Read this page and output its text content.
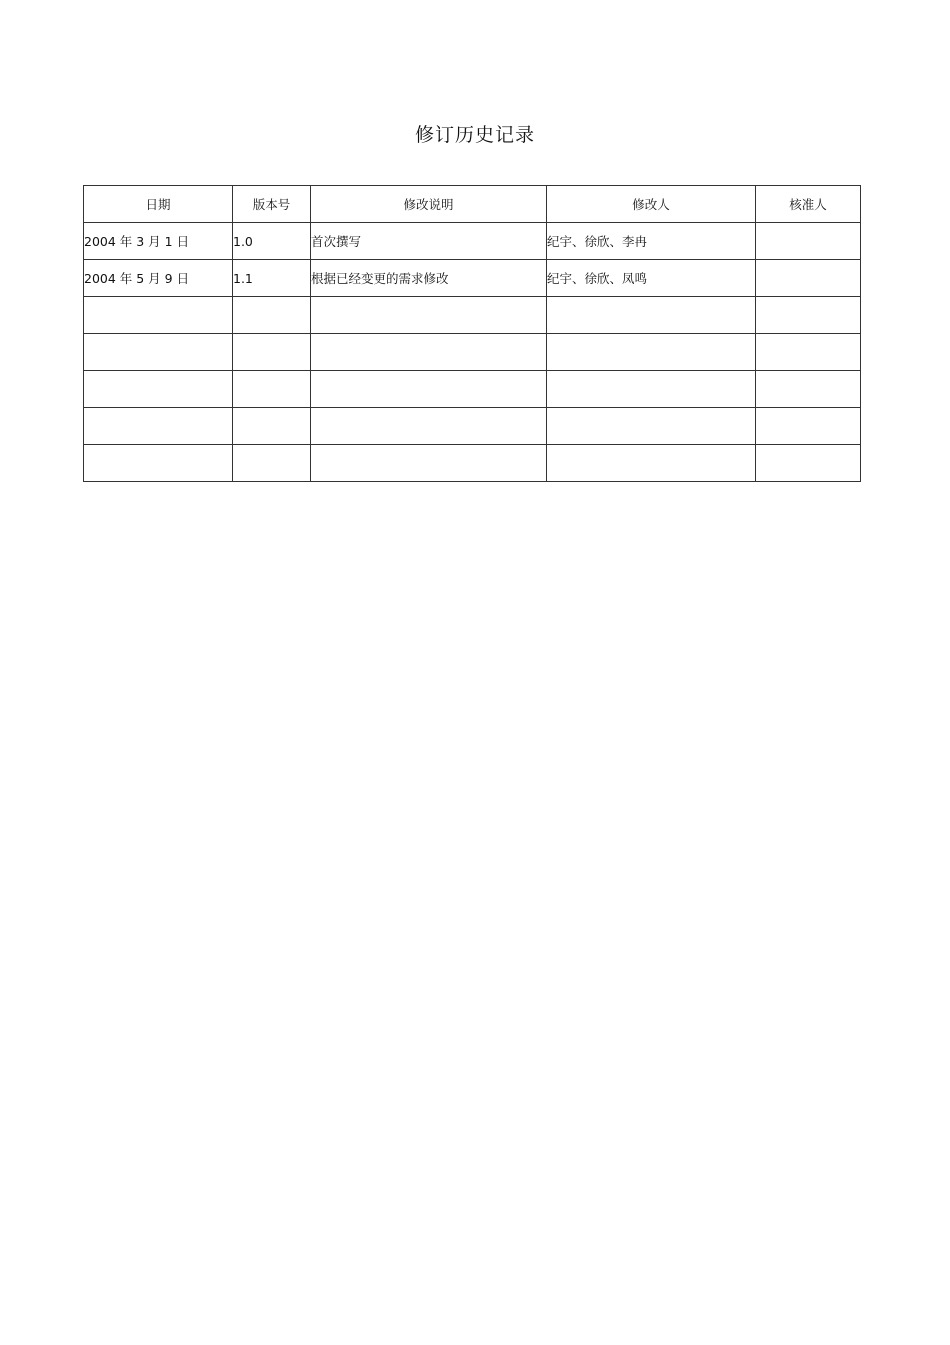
修订历史记录
日期	版本号	修改说明	修改人	核准人
2004 年 3 月 1 日	1.0	首次撰写	纪宇、徐欣、李冉	
2004 年 5 月 9 日	1.1	根据已经变更的需求修改	纪宇、徐欣、凤鸣	
